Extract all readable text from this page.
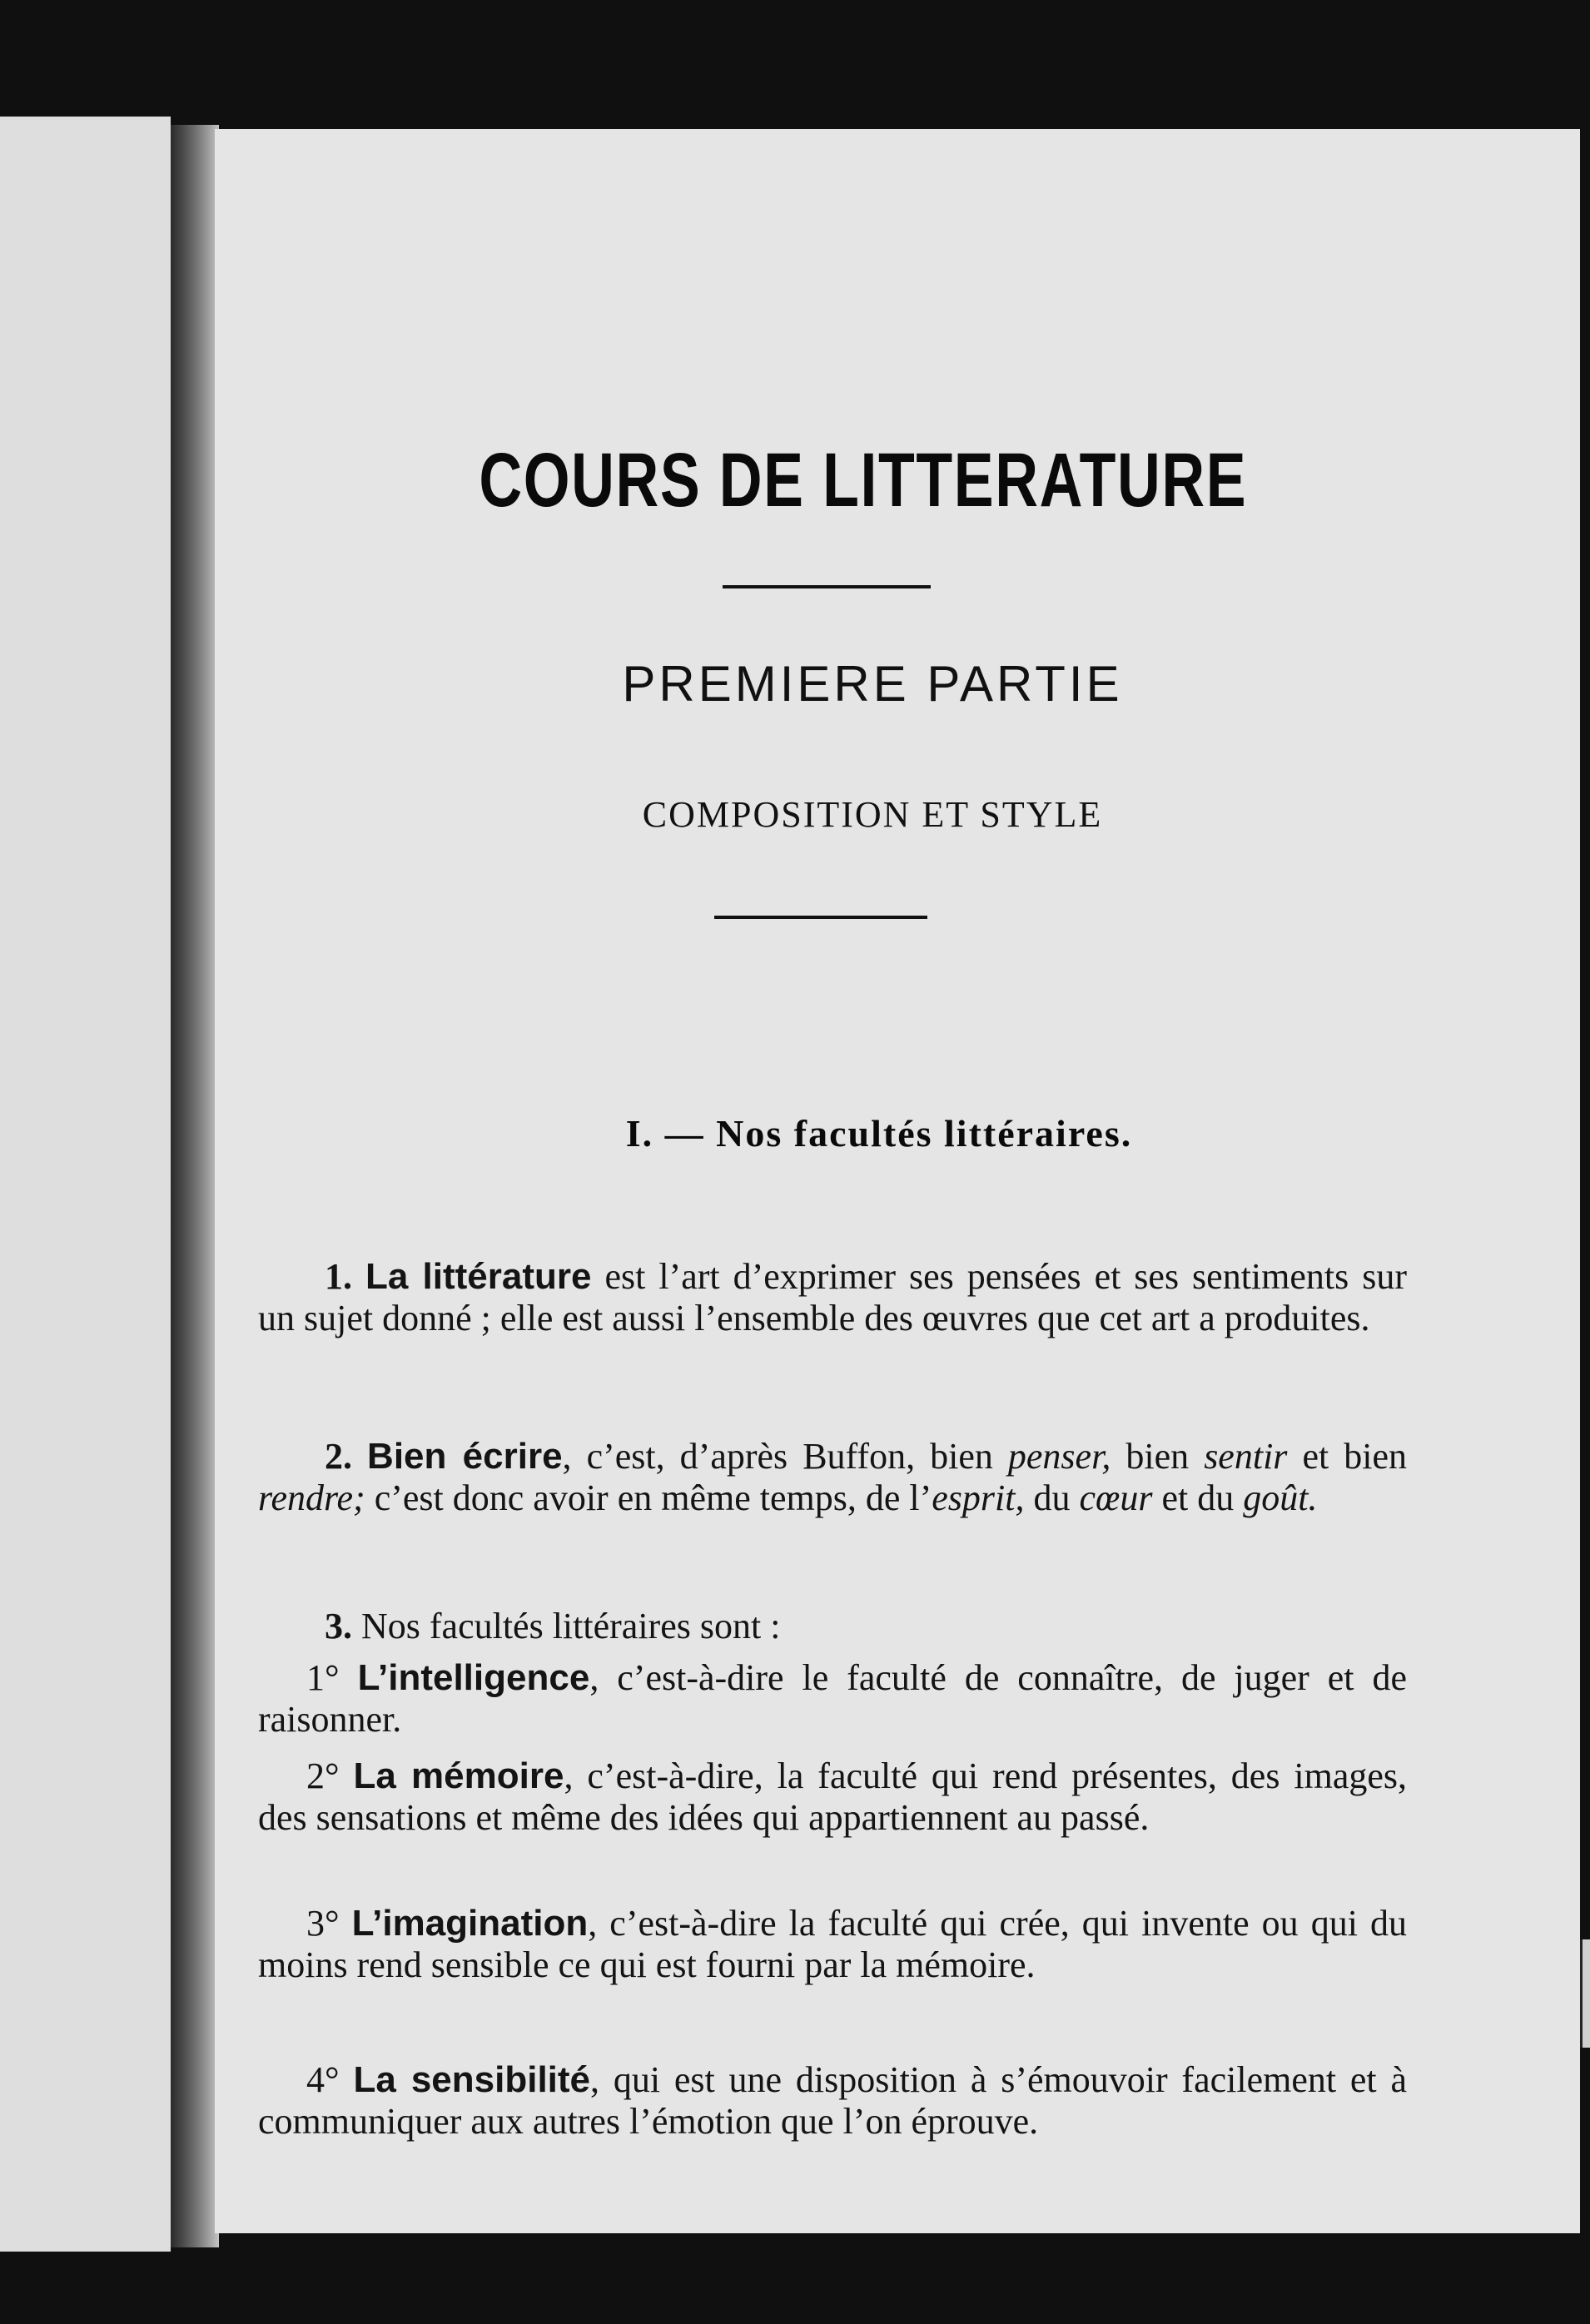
COURS DE LITTERATURE
PREMIERE PARTIE
COMPOSITION ET STYLE
I. — Nos facultés littéraires.

1. La littérature est l’art d’exprimer ses pensées et ses sentiments sur un sujet donné ; elle est aussi l’ensemble des œuvres que cet art a produites.

2. Bien écrire, c’est, d’après Buffon, bien penser, bien sentir et bien rendre; c’est donc avoir en même temps, de l’esprit, du cœur et du goût.

3. Nos facultés littéraires sont :

1° L’intelligence, c’est-à-dire le faculté de connaître, de juger et de raisonner.

2° La mémoire, c’est-à-dire, la faculté qui rend présentes, des images, des sensations et même des idées qui appartiennent au passé.

3° L’imagination, c’est-à-dire la faculté qui crée, qui invente ou qui du moins rend sensible ce qui est fourni par la mémoire.

4° La sensibilité, qui est une disposition à s’émouvoir facilement et à communiquer aux autres l’émotion que l’on éprouve.
